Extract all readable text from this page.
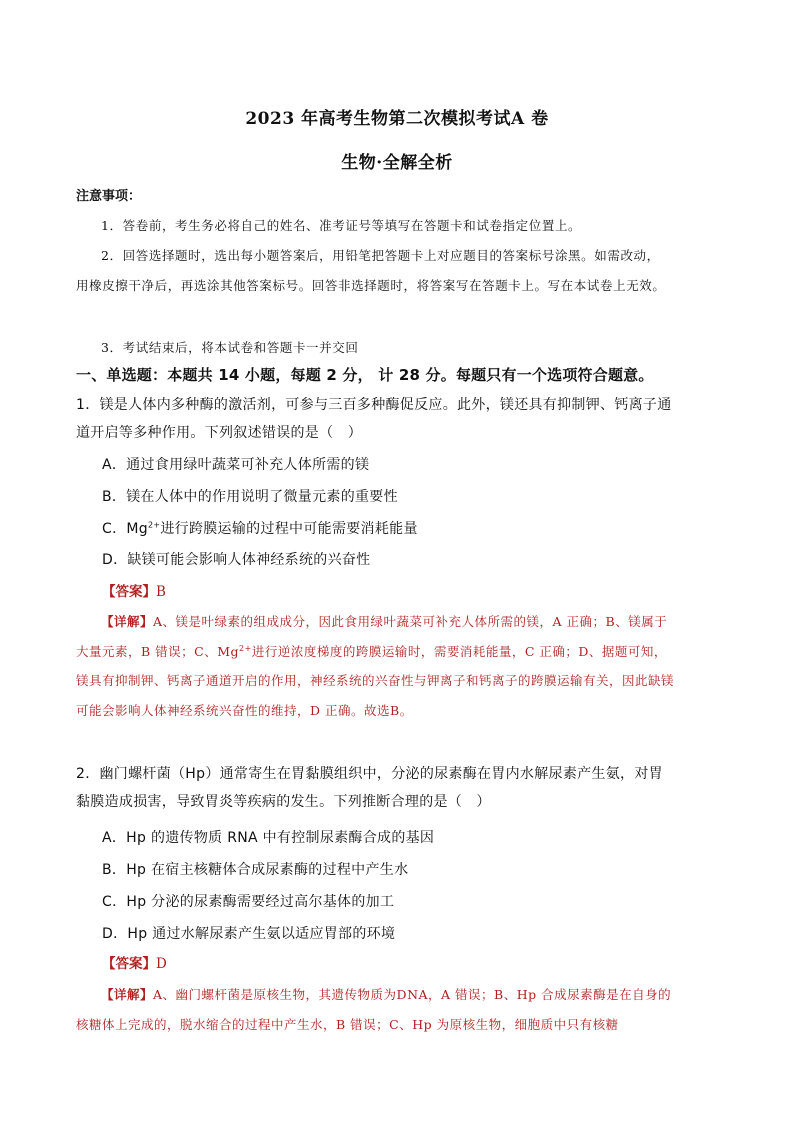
2023 年高考生物第二次模拟考试A 卷
生物·全解全析
注意事项：

1．答卷前，考生务必将自己的姓名、准考证号等填写在答题卡和试卷指定位置上。

2．回答选择题时，选出每小题答案后，用铅笔把答题卡上对应题目的答案标号涂黑。如需改动，用橡皮擦干净后，再选涂其他答案标号。回答非选择题时，将答案写在答题卡上。写在本试卷上无效。

3．考试结束后，将本试卷和答题卡一并交回

一、单选题：本题共 14 小题，每题 2 分， 计 28 分。每题只有一个选项符合题意。
1．镁是人体内多种酶的激活剂，可参与三百多种酶促反应。此外，镁还具有抑制钾、钙离子通道开启等多种作用。下列叙述错误的是（　）
A．通过食用绿叶蔬菜可补充人体所需的镁
B．镁在人体中的作用说明了微量元素的重要性
C．$Mg^{2+}$进行跨膜运输的过程中可能需要消耗能量
D．缺镁可能会影响人体神经系统的兴奋性
【答案】B
【详解】A、镁是叶绿素的组成成分，因此食用绿叶蔬菜可补充人体所需的镁，A 正确；B、镁属于大量元素，B 错误；C、$Mg^{2+}$进行逆浓度梯度的跨膜运输时，需要消耗能量，C 正确；D、据题可知，镁具有抑制钾、钙离子通道开启的作用，神经系统的兴奋性与钾离子和钙离子的跨膜运输有关，因此缺镁可能会影响人体神经系统兴奋性的维持，D 正确。故选B。
2．幽门螺杆菌（Hp）通常寄生在胃黏膜组织中，分泌的尿素酶在胃内水解尿素产生氨，对胃黏膜造成损害，导致胃炎等疾病的发生。下列推断合理的是（　）
A．Hp 的遗传物质 RNA 中有控制尿素酶合成的基因
B．Hp 在宿主核糖体合成尿素酶的过程中产生水
C．Hp 分泌的尿素酶需要经过高尔基体的加工
D．Hp 通过水解尿素产生氨以适应胃部的环境
【答案】D
【详解】A、幽门螺杆菌是原核生物，其遗传物质为DNA，A 错误；B、Hp 合成尿素酶是在自身的核糖体上完成的，脱水缩合的过程中产生水，B 错误；C、Hp 为原核生物，细胞质中只有核糖
